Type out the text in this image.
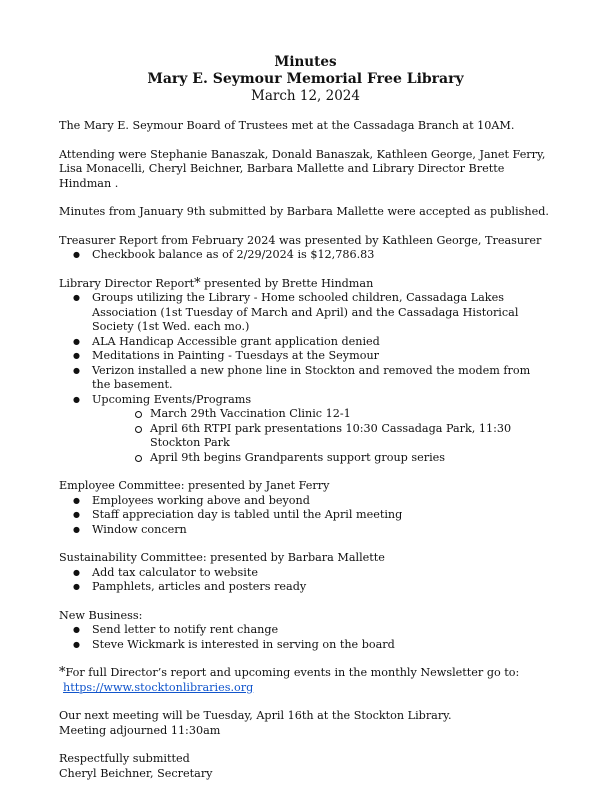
Minutes
Mary E. Seymour Memorial Free Library
March 12, 2024

The Mary E. Seymour Board of Trustees met at the Cassadaga Branch at 10AM.

Attending were Stephanie Banaszak, Donald Banaszak, Kathleen George, Janet Ferry, Lisa Monacelli, Cheryl Beichner, Barbara Mallette and Library Director Brette Hindman .

Minutes from January 9th submitted by Barbara Mallette were accepted as published.

Treasurer Report from February 2024 was presented by Kathleen George, Treasurer

● Checkbook balance as of 2/29/2024 is $12,786.83

Library Director Report* presented by Brette Hindman

● Groups utilizing the Library - Home schooled children, Cassadaga Lakes Association (1st Tuesday of March and April) and the Cassadaga Historical Society (1st Wed. each mo.)
● ALA Handicap Accessible grant application denied
● Meditations in Painting - Tuesdays at the Seymour
● Verizon installed a new phone line in Stockton and removed the modem from the basement.
● Upcoming Events/Programs
March 29th Vaccination Clinic 12-1
April 6th RTPI park presentations 10:30 Cassadaga Park, 11:30 Stockton Park
April 9th begins Grandparents support group series

Employee Committee: presented by Janet Ferry

● Employees working above and beyond
● Staff appreciation day is tabled until the April meeting
● Window concern

Sustainability Committee: presented by Barbara Mallette

● Add tax calculator to website
● Pamphlets, articles and posters ready

New Business:

● Send letter to notify rent change
● Steve Wickmark is interested in serving on the board

*For full Director’s report and upcoming events in the monthly Newsletter go to:

https://www.stocktonlibraries.org

Our next meeting will be Tuesday, April 16th at the Stockton Library.

Meeting adjourned 11:30am

Respectfully submitted

Cheryl Beichner, Secretary
